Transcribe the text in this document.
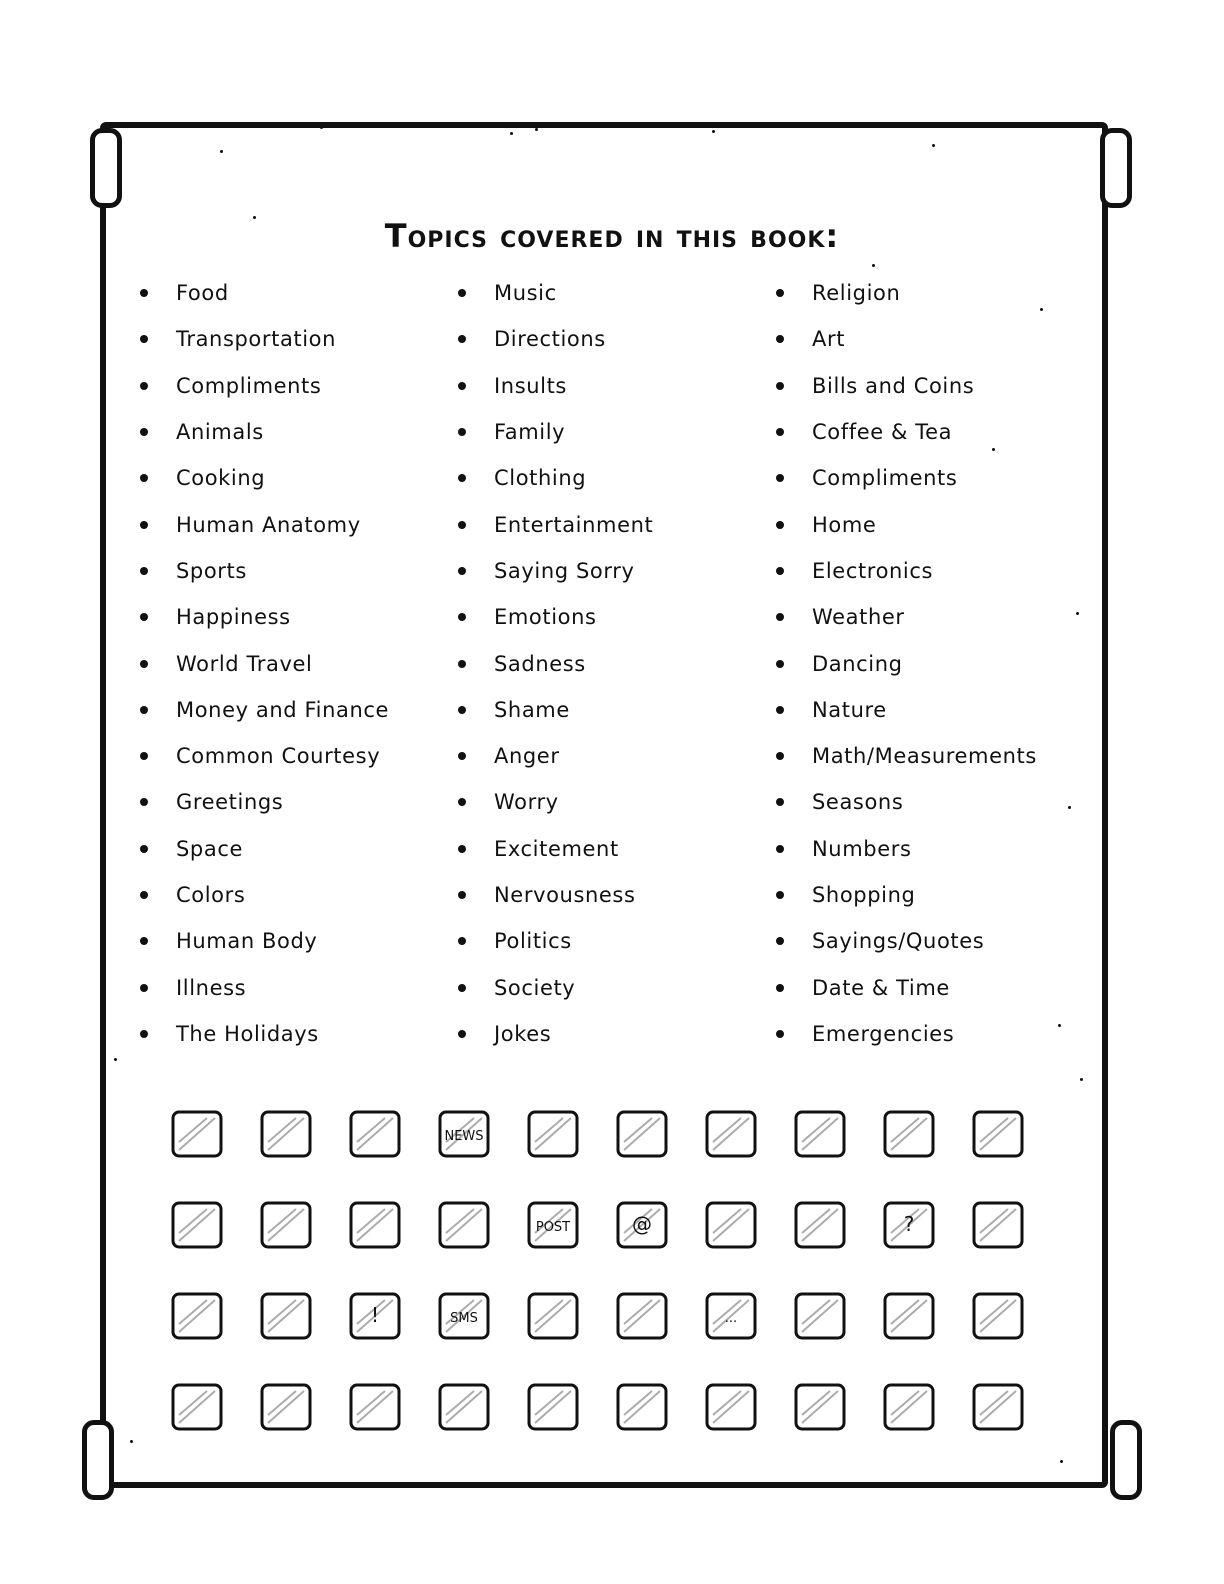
Topics covered in this book:
Food
Transportation
Compliments
Animals
Cooking
Human Anatomy
Sports
Happiness
World Travel
Money and Finance
Common Courtesy
Greetings
Space
Colors
Human Body
Illness
The Holidays
Music
Directions
Insults
Family
Clothing
Entertainment
Saying Sorry
Emotions
Sadness
Shame
Anger
Worry
Excitement
Nervousness
Politics
Society
Jokes
Religion
Art
Bills and Coins
Coffee & Tea
Compliments
Home
Electronics
Weather
Dancing
Nature
Math/Measurements
Seasons
Numbers
Shopping
Sayings/Quotes
Date & Time
Emergencies
NEWS
POST	@	?
!	SMS	...
